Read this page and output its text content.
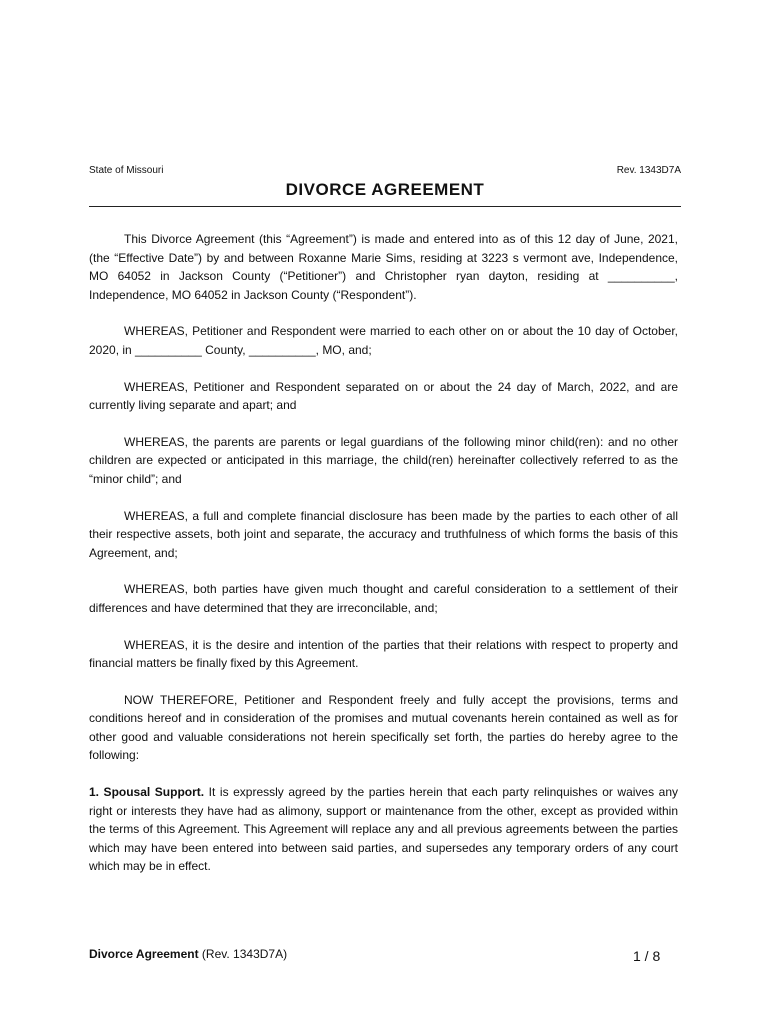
State of Missouri	Rev. 1343D7A
DIVORCE AGREEMENT

This Divorce Agreement (this “Agreement”) is made and entered into as of this 12 day of June, 2021, (the “Effective Date”) by and between Roxanne Marie Sims, residing at 3223 s vermont ave, Independence, MO 64052 in Jackson County (“Petitioner”) and Christopher ryan dayton, residing at __________, Independence, MO 64052 in Jackson County (“Respondent”).

WHEREAS, Petitioner and Respondent were married to each other on or about the 10 day of October, 2020, in __________ County, __________, MO, and;

WHEREAS, Petitioner and Respondent separated on or about the 24 day of March, 2022, and are currently living separate and apart; and

WHEREAS, the parents are parents or legal guardians of the following minor child(ren): and no other children are expected or anticipated in this marriage, the child(ren) hereinafter collectively referred to as the “minor child”; and

WHEREAS, a full and complete financial disclosure has been made by the parties to each other of all their respective assets, both joint and separate, the accuracy and truthfulness of which forms the basis of this Agreement, and;

WHEREAS, both parties have given much thought and careful consideration to a settlement of their differences and have determined that they are irreconcilable, and;

WHEREAS, it is the desire and intention of the parties that their relations with respect to property and financial matters be finally fixed by this Agreement.

NOW THEREFORE, Petitioner and Respondent freely and fully accept the provisions, terms and conditions hereof and in consideration of the promises and mutual covenants herein contained as well as for other good and valuable considerations not herein specifically set forth, the parties do hereby agree to the following:

1. Spousal Support. It is expressly agreed by the parties herein that each party relinquishes or waives any right or interests they have had as alimony, support or maintenance from the other, except as provided within the terms of this Agreement. This Agreement will replace any and all previous agreements between the parties which may have been entered into between said parties, and supersedes any temporary orders of any court which may be in effect.

Divorce Agreement (Rev. 1343D7A)	1 / 8
